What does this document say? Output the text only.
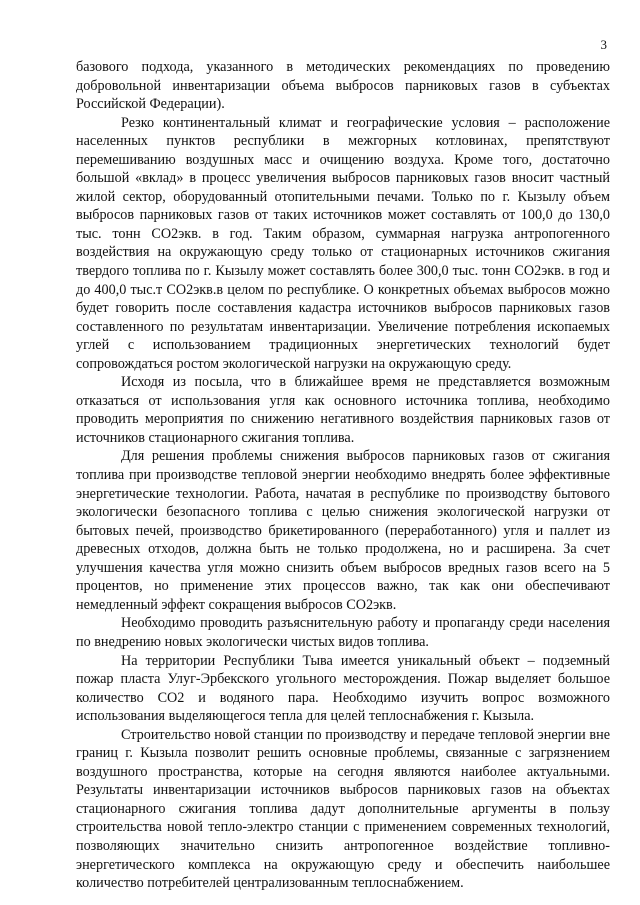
3

базового подхода, указанного в методических рекомендациях по проведению добровольной инвентаризации объема выбросов парниковых газов в субъектах Российской Федерации).

Резко континентальный климат и географические условия – расположение населенных пунктов республики в межгорных котловинах, препятствуют перемешиванию воздушных масс и очищению воздуха. Кроме того, достаточно большой «вклад» в процесс увеличения выбросов парниковых газов вносит частный жилой сектор, оборудованный отопительными печами. Только по г. Кызылу объем выбросов парниковых газов от таких источников может составлять от 100,0 до 130,0 тыс. тонн CO2экв. в год. Таким образом, суммарная нагрузка антропогенного воздействия на окружающую среду только от стационарных источников сжигания твердого топлива по г. Кызылу может составлять более 300,0 тыс. тонн CO2экв. в год и до 400,0 тыс.т CO2экв.в целом по республике. О конкретных объемах выбросов можно будет говорить после составления кадастра источников выбросов парниковых газов составленного по результатам инвентаризации. Увеличение потребления ископаемых углей с использованием традиционных энергетических технологий будет сопровождаться ростом экологической нагрузки на окружающую среду.

Исходя из посыла, что в ближайшее время не представляется возможным отказаться от использования угля как основного источника топлива, необходимо проводить мероприятия по снижению негативного воздействия парниковых газов от источников стационарного сжигания топлива.

Для решения проблемы снижения выбросов парниковых газов от сжигания топлива при производстве тепловой энергии необходимо внедрять более эффективные энергетические технологии. Работа, начатая в республике по производству бытового экологически безопасного топлива с целью снижения экологической нагрузки от бытовых печей, производство брикетированного (переработанного) угля и паллет из древесных отходов, должна быть не только продолжена, но и расширена. За счет улучшения качества угля можно снизить объем выбросов вредных газов всего на 5 процентов, но применение этих процессов важно, так как они обеспечивают немедленный эффект сокращения выбросов CO2экв.

Необходимо проводить разъяснительную работу и пропаганду среди населения по внедрению новых экологически чистых видов топлива.

На территории Республики Тыва имеется уникальный объект – подземный пожар пласта Улуг-Эрбекского угольного месторождения. Пожар выделяет большое количество CO2 и водяного пара. Необходимо изучить вопрос возможного использования выделяющегося тепла для целей теплоснабжения г. Кызыла.

Строительство новой станции по производству и передаче тепловой энергии вне границ г. Кызыла позволит решить основные проблемы, связанные с загрязнением воздушного пространства, которые на сегодня являются наиболее актуальными. Результаты инвентаризации источников выбросов парниковых газов на объектах стационарного сжигания топлива дадут дополнительные аргументы в пользу строительства новой тепло-электро станции с применением современных технологий, позволяющих значительно снизить антропогенное воздействие топливно-энергетического комплекса на окружающую среду и обеспечить наибольшее количество потребителей централизованным теплоснабжением.
